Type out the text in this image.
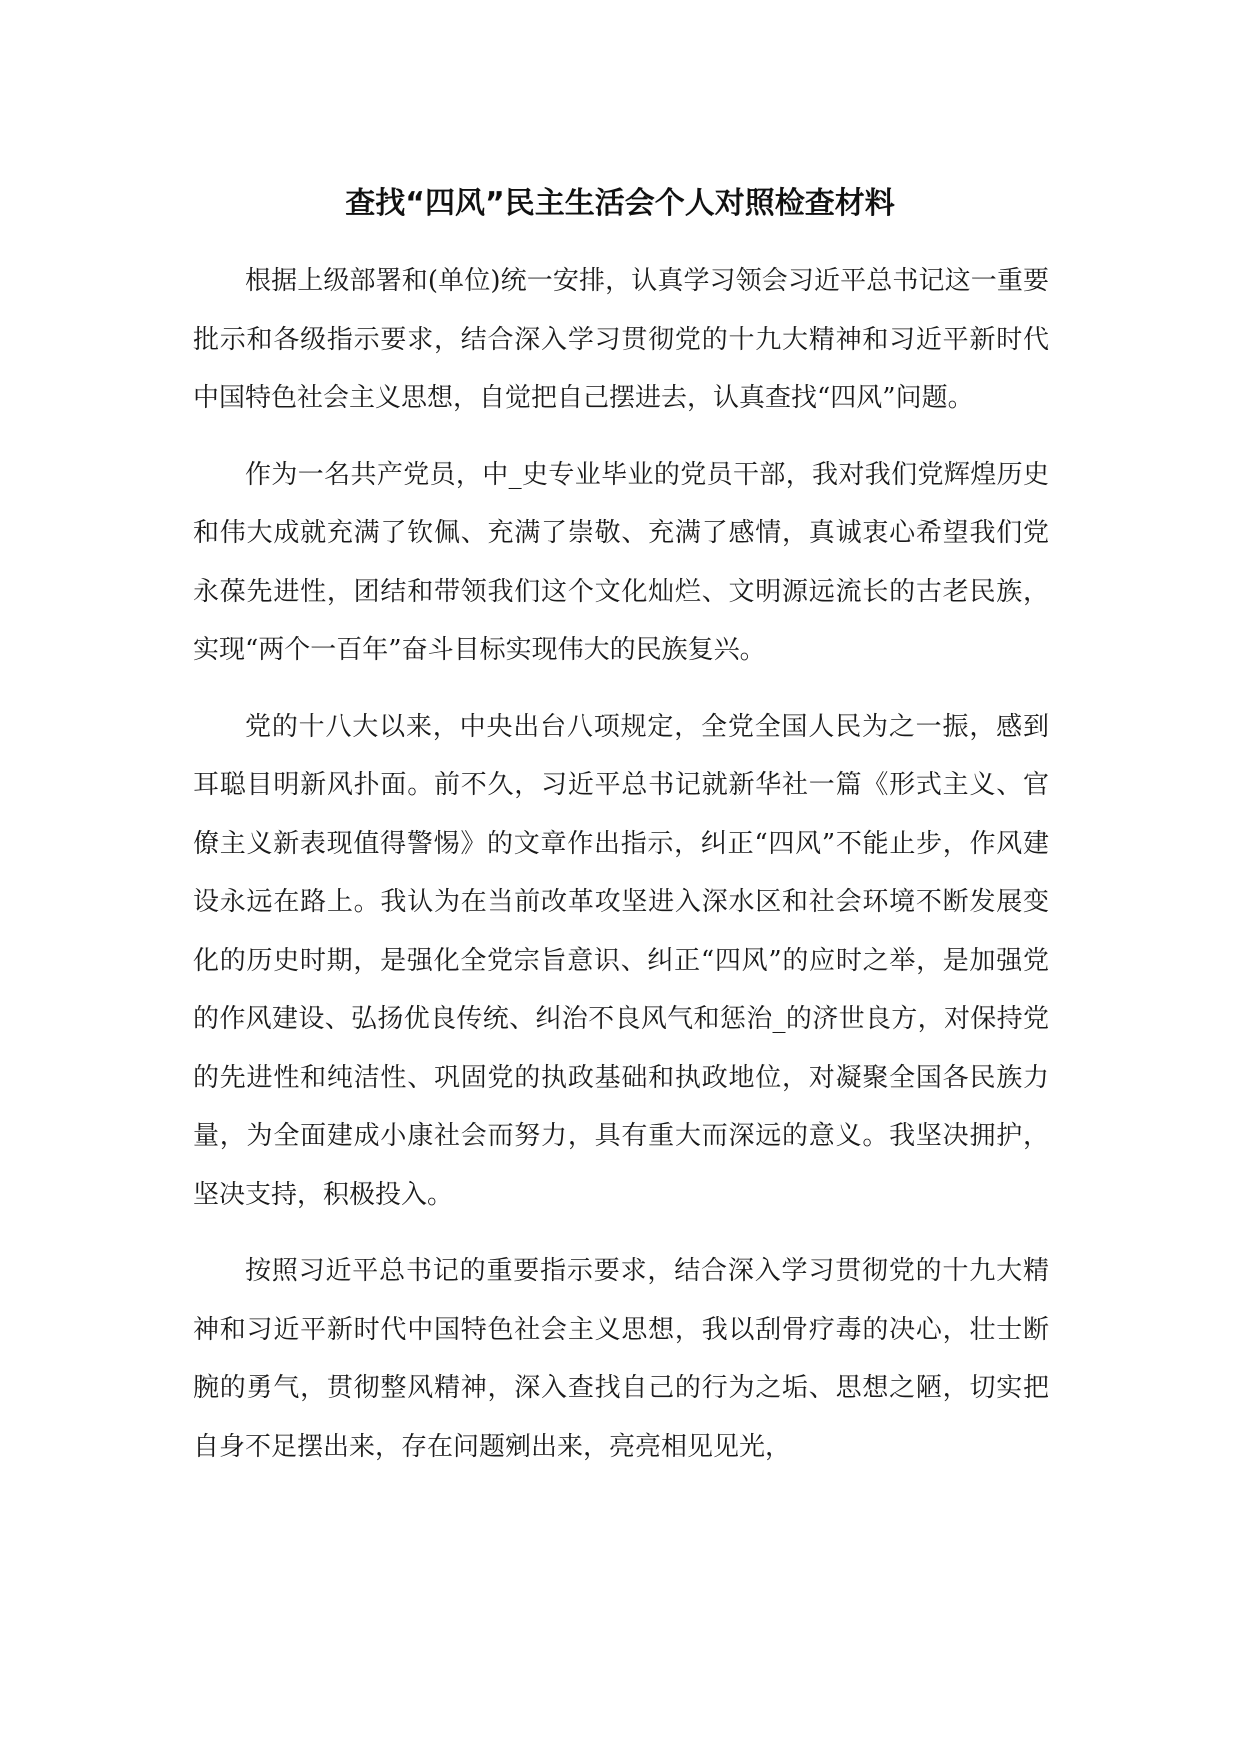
查找“四风”民主生活会个人对照检查材料

根据上级部署和(单位)统一安排，认真学习领会习近平总书记这一重要批示和各级指示要求，结合深入学习贯彻党的十九大精神和习近平新时代中国特色社会主义思想，自觉把自己摆进去，认真查找“四风”问题。

作为一名共产党员，中_史专业毕业的党员干部，我对我们党辉煌历史和伟大成就充满了钦佩、充满了崇敬、充满了感情，真诚衷心希望我们党永葆先进性，团结和带领我们这个文化灿烂、文明源远流长的古老民族，实现“两个一百年”奋斗目标实现伟大的民族复兴。

党的十八大以来，中央出台八项规定，全党全国人民为之一振，感到耳聪目明新风扑面。前不久，习近平总书记就新华社一篇《形式主义、官僚主义新表现值得警惕》的文章作出指示，纠正“四风”不能止步，作风建设永远在路上。我认为在当前改革攻坚进入深水区和社会环境不断发展变化的历史时期，是强化全党宗旨意识、纠正“四风”的应时之举，是加强党的作风建设、弘扬优良传统、纠治不良风气和惩治_的济世良方，对保持党的先进性和纯洁性、巩固党的执政基础和执政地位，对凝聚全国各民族力量，为全面建成小康社会而努力，具有重大而深远的意义。我坚决拥护，坚决支持，积极投入。

按照习近平总书记的重要指示要求，结合深入学习贯彻党的十九大精神和习近平新时代中国特色社会主义思想，我以刮骨疗毒的决心，壮士断腕的勇气，贯彻整风精神，深入查找自己的行为之垢、思想之陋，切实把自身不足摆出来，存在问题剜出来，亮亮相见见光，
